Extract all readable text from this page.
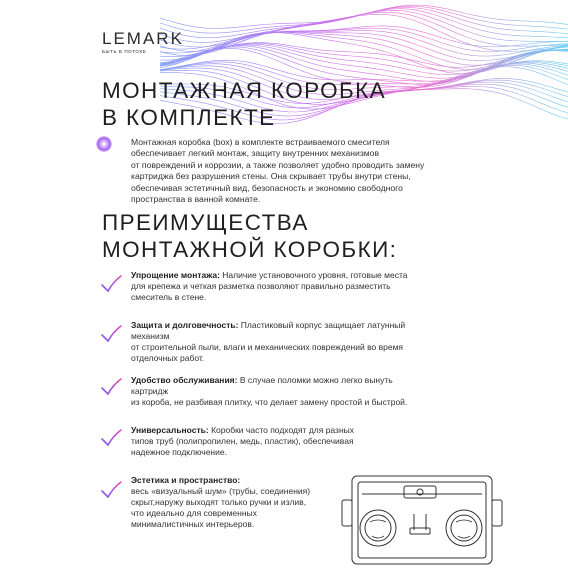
LEMARK
БЫТЬ В ПОТОКЕ
МОНТАЖНАЯ КОРОБКА
В КОМПЛЕКТЕ
Монтажная коробка (box) в комплекте встраиваемого смесителя
обеспечивает легкий монтаж, защиту внутренних механизмов
от повреждений и коррозии, а также позволяет удобно проводить замену
картриджа без разрушения стены. Она скрывает трубы внутри стены,
обеспечивая эстетичный вид, безопасность и экономию свободного
пространства в ванной комнате.
ПРЕИМУЩЕСТВА
МОНТАЖНОЙ КОРОБКИ:
Упрощение монтажа: Наличие установочного уровня, готовые места
для крепежа и четкая разметка позволяют правильно разместить
смеситель в стене.
Защита и долговечность: Пластиковый корпус защищает латунный механизм
от строительной пыли, влаги и механических повреждений во время
отделочных работ.
Удобство обслуживания: В случае поломки можно легко вынуть картридж
из короба, не разбивая плитку, что делает замену простой и быстрой.
Универсальность: Коробки часто подходят для разных
типов труб (полипропилен, медь, пластик), обеспечивая
надежное подключение.
Эстетика и пространство:
весь «визуальный шум» (трубы, соединения)
скрыт,наружу выходят только ручки и излив,
что идеально для современных
минималистичных интерьеров.
